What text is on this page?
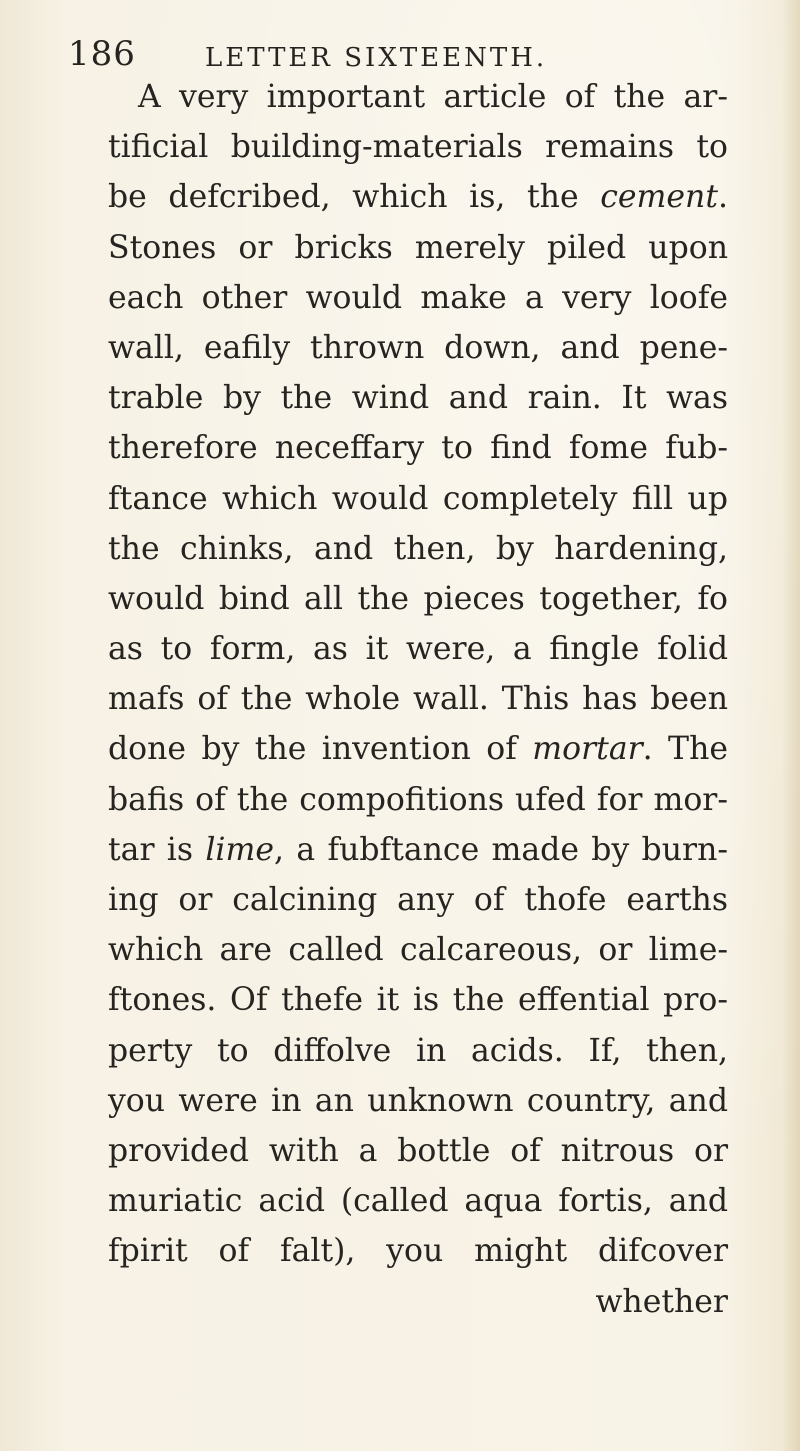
186	LETTER SIXTEENTH.
A very important article of the ar-
tificial building-materials remains to
be defcribed, which is, the cement.
Stones or bricks merely piled upon
each other would make a very loofe
wall, eafily thrown down, and pene-
trable by the wind and rain. It was
therefore neceffary to find fome fub-
ftance which would completely fill up
the chinks, and then, by hardening,
would bind all the pieces together, fo
as to form, as it were, a fingle folid
mafs of the whole wall. This has been
done by the invention of mortar. The
bafis of the compofitions ufed for mor-
tar is lime, a fubftance made by burn-
ing or calcining any of thofe earths
which are called calcareous, or lime-
ftones. Of thefe it is the effential pro-
perty to diffolve in acids. If, then,
you were in an unknown country, and
provided with a bottle of nitrous or
muriatic acid (called aqua fortis, and
fpirit of falt), you might difcover
whether
